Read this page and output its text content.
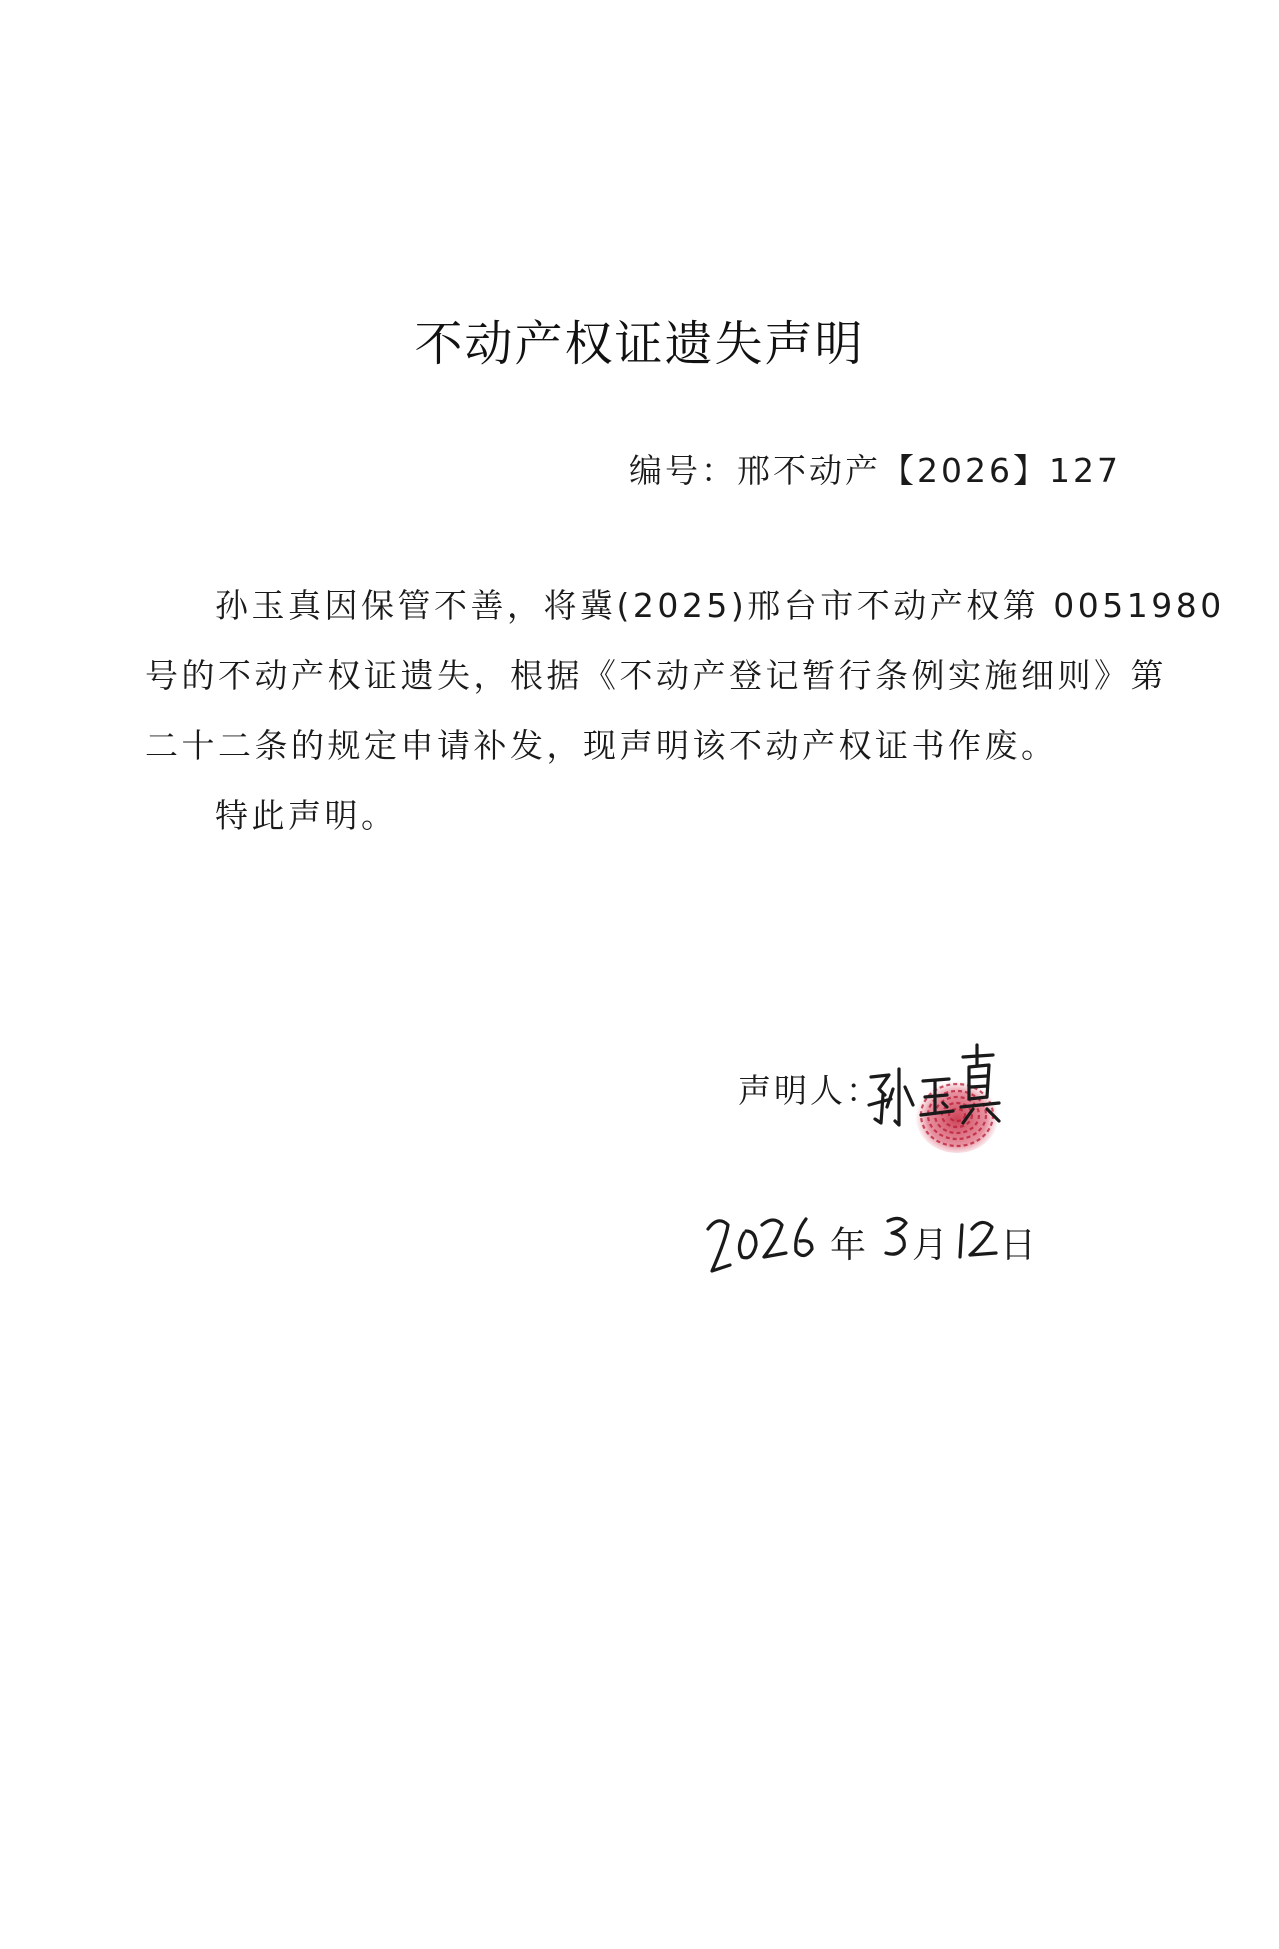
不动产权证遗失声明
编号：邢不动产【2026】127
孙玉真因保管不善，将冀(2025)邢台市不动产权第 0051980
号的不动产权证遗失，根据《不动产登记暂行条例实施细则》第
二十二条的规定申请补发，现声明该不动产权证书作废。
特此声明。
声明人：
年 月 日
